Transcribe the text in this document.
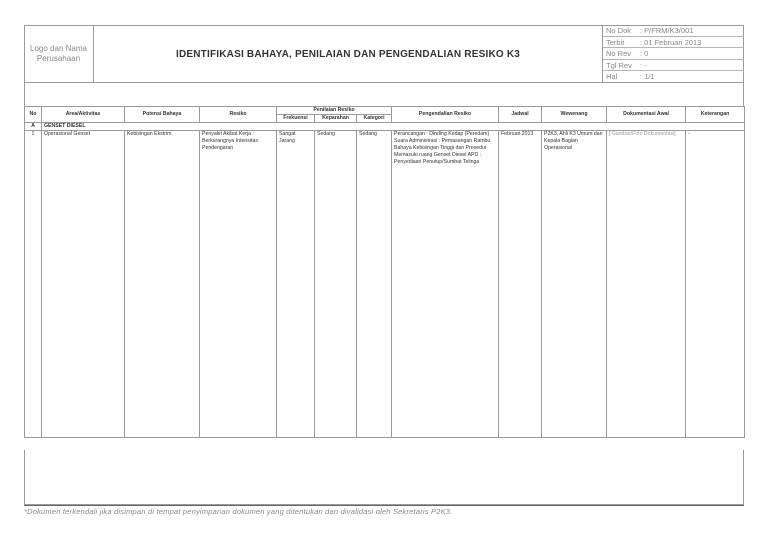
Logo dan Nama Perusahaan	IDENTIFIKASI BAHAYA, PENILAIAN DAN PENGENDALIAN RESIKO K3
No Dok	: P/FRM/K3/001
Terbit	: 01 Februari 2013
No Rev	: 0
Tgl Rev	: -
Hal	: 1/1
No	Area/Aktivitas	Potensi Bahaya	Resiko	Penilaian Resiko			Pengendalian Resiko	Jadwal	Wewenang	Dokumentasi Awal	Keterangan
				Frekuensi	Keparahan	Kategori					
A	GENSET DIESEL										
1	Operasional Genset	Kebisingan Ekstrim	Penyakit Akibat Kerja : Berkurangnya Intensitas Pendengaran	Sangat Jarang	Sedang	Sedang	Perancangan : Dinding Kedap (Peredam) Suara Administrasi : Pemasangan Rambu Bahaya Kebisingan Tinggi dan Prosedur Memasuki ruang Genset Diesel APD : Penyediaan Penutup/Sumbat Telinga	Februari 2013	P2K3, Ahli K3 Umum dan Kepala Bagian Operasional	[ Gambar/Foto Dokumentasi]	-
*Dokumen terkendali jika disimpan di tempat penyimpanan dokumen yang ditentukan dan divalidasi oleh Sekretaris P2K3.
